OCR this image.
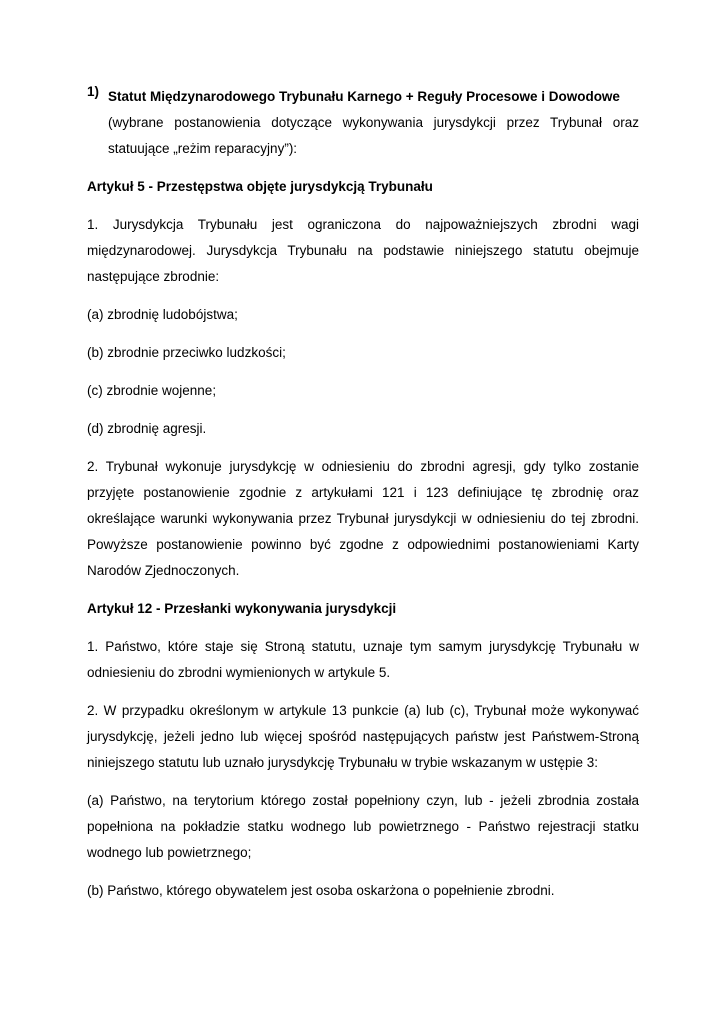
1) Statut Międzynarodowego Trybunału Karnego + Reguły Procesowe i Dowodowe

(wybrane postanowienia dotyczące wykonywania jurysdykcji przez Trybunał oraz statuujące „reżim reparacyjny”):

Artykuł 5 - Przestępstwa objęte jurysdykcją Trybunału

1. Jurysdykcja Trybunału jest ograniczona do najpoważniejszych zbrodni wagi międzynarodowej. Jurysdykcja Trybunału na podstawie niniejszego statutu obejmuje następujące zbrodnie:

(a) zbrodnię ludobójstwa;

(b) zbrodnie przeciwko ludzkości;

(c) zbrodnie wojenne;

(d) zbrodnię agresji.

2. Trybunał wykonuje jurysdykcję w odniesieniu do zbrodni agresji, gdy tylko zostanie przyjęte postanowienie zgodnie z artykułami 121 i 123 definiujące tę zbrodnię oraz określające warunki wykonywania przez Trybunał jurysdykcji w odniesieniu do tej zbrodni. Powyższe postanowienie powinno być zgodne z odpowiednimi postanowieniami Karty Narodów Zjednoczonych.

Artykuł 12 - Przesłanki wykonywania jurysdykcji

1. Państwo, które staje się Stroną statutu, uznaje tym samym jurysdykcję Trybunału w odniesieniu do zbrodni wymienionych w artykule 5.

2. W przypadku określonym w artykule 13 punkcie (a) lub (c), Trybunał może wykonywać jurysdykcję, jeżeli jedno lub więcej spośród następujących państw jest Państwem-Stroną niniejszego statutu lub uznało jurysdykcję Trybunału w trybie wskazanym w ustępie 3:

(a) Państwo, na terytorium którego został popełniony czyn, lub - jeżeli zbrodnia została popełniona na pokładzie statku wodnego lub powietrznego - Państwo rejestracji statku wodnego lub powietrznego;

(b) Państwo, którego obywatelem jest osoba oskarżona o popełnienie zbrodni.
